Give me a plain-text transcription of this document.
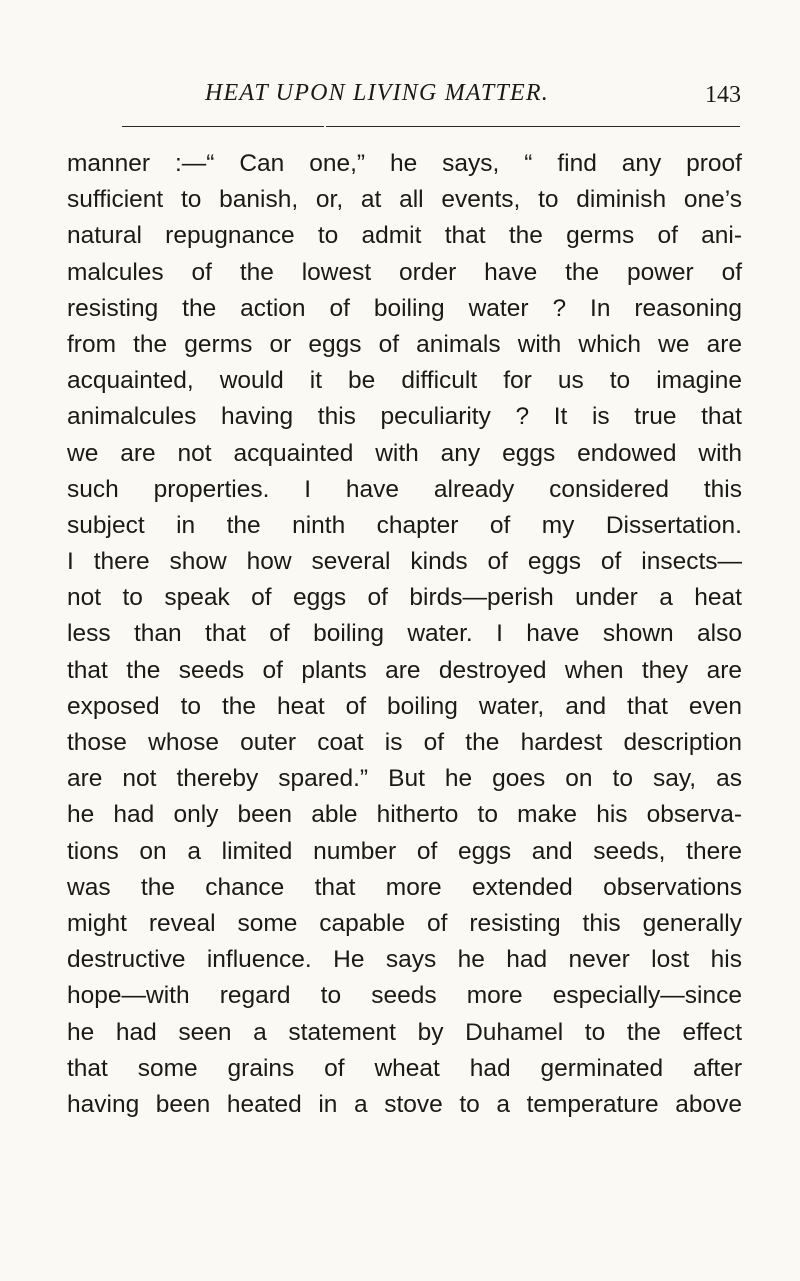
HEAT UPON LIVING MATTER.	143
manner :—“ Can one,” he says, “ find any proof
sufficient to banish, or, at all events, to diminish one’s
natural repugnance to admit that the germs of ani-
malcules of the lowest order have the power of
resisting the action of boiling water ? In reasoning
from the germs or eggs of animals with which we are
acquainted, would it be difficult for us to imagine
animalcules having this peculiarity ? It is true that
we are not acquainted with any eggs endowed with
such properties. I have already considered this
subject in the ninth chapter of my Dissertation.
I there show how several kinds of eggs of insects—
not to speak of eggs of birds—perish under a heat
less than that of boiling water. I have shown also
that the seeds of plants are destroyed when they are
exposed to the heat of boiling water, and that even
those whose outer coat is of the hardest description
are not thereby spared.” But he goes on to say, as
he had only been able hitherto to make his observa-
tions on a limited number of eggs and seeds, there
was the chance that more extended observations
might reveal some capable of resisting this generally
destructive influence. He says he had never lost his
hope—with regard to seeds more especially—since
he had seen a statement by Duhamel to the effect
that some grains of wheat had germinated after
having been heated in a stove to a temperature above
